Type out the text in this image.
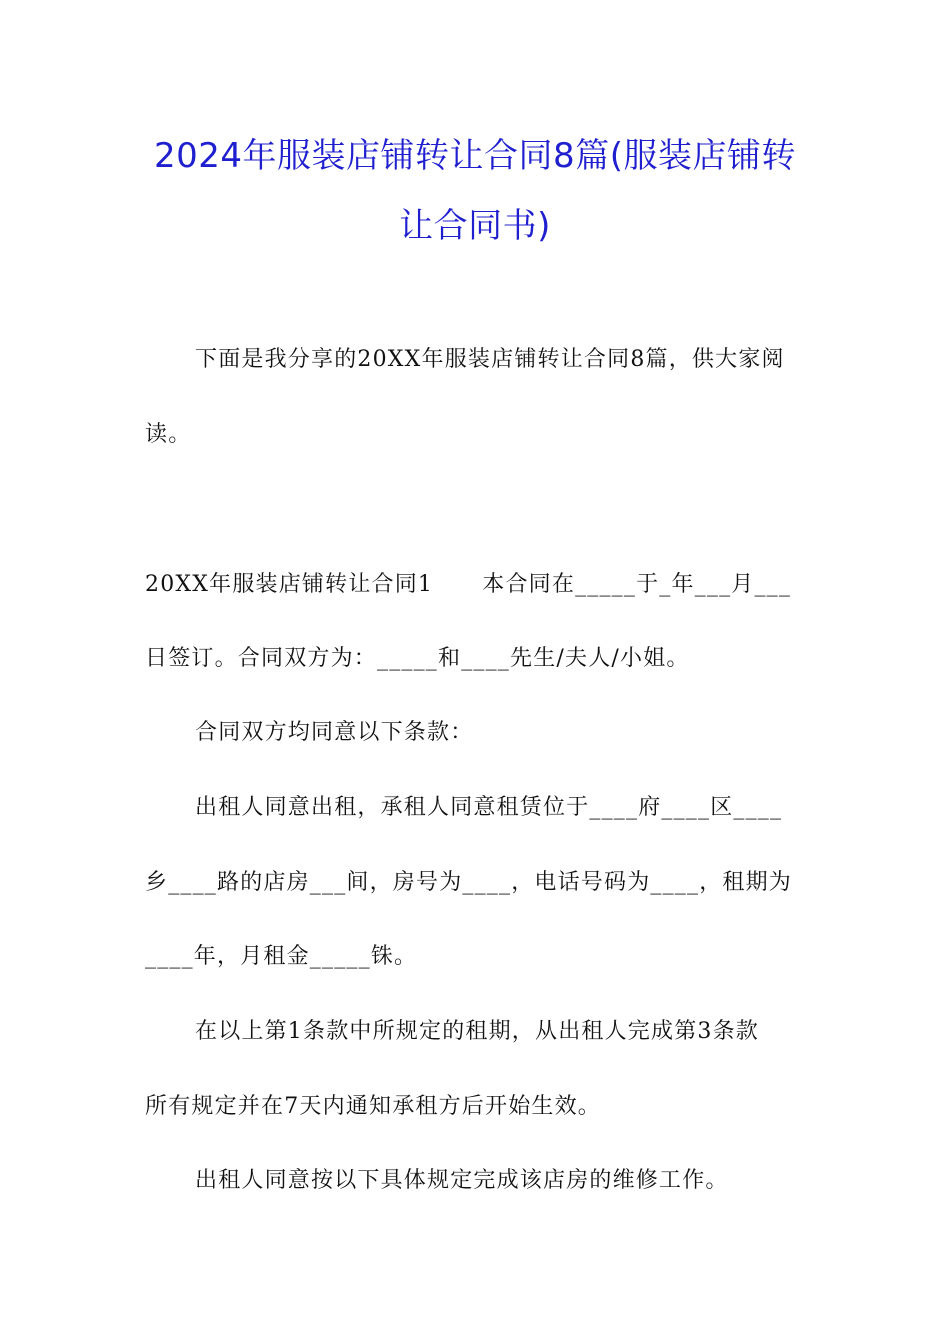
2024年服装店铺转让合同8篇(服装店铺转
让合同书)
下面是我分享的20XX年服装店铺转让合同8篇，供大家阅
读。
20XX年服装店铺转让合同1      本合同在_____于_年___月___
日签订。合同双方为：_____和____先生/夫人/小姐。
合同双方均同意以下条款：
出租人同意出租，承租人同意租赁位于____府____区____
乡____路的店房___间，房号为____，电话号码为____，租期为
____年，月租金_____铢。
在以上第1条款中所规定的租期，从出租人完成第3条款
所有规定并在7天内通知承租方后开始生效。
出租人同意按以下具体规定完成该店房的维修工作。
